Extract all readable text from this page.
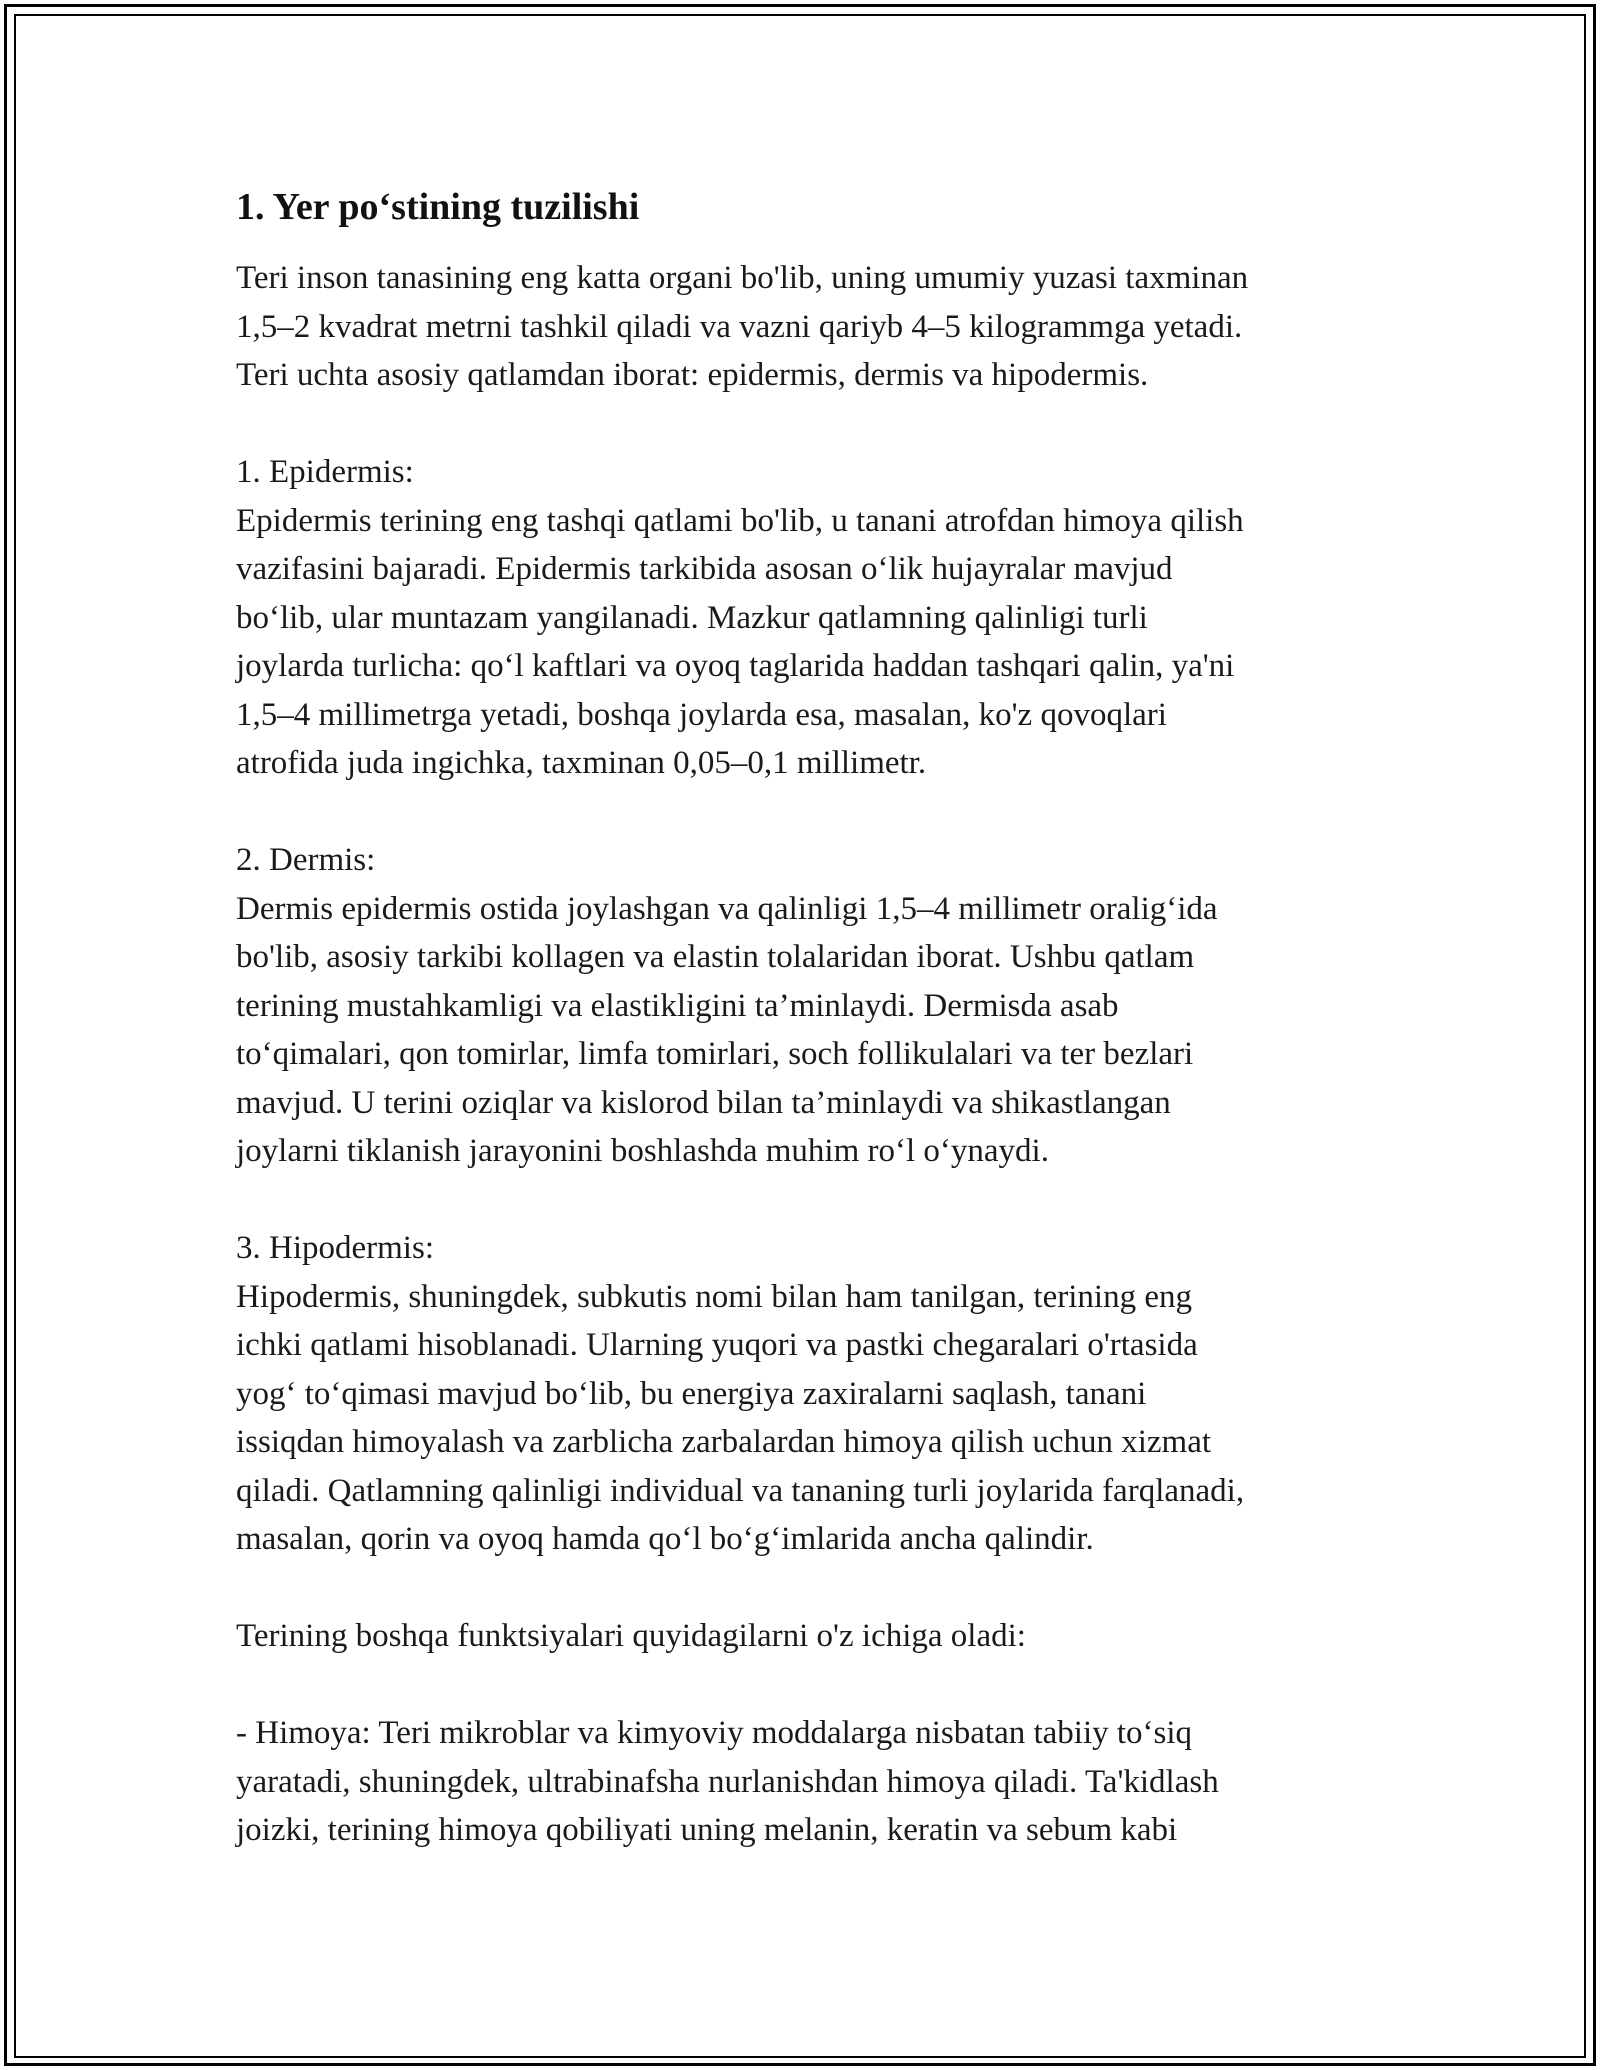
1. Yer po‘stining tuzilishi

Teri inson tanasining eng katta organi bo'lib, uning umumiy yuzasi taxminan
1,5–2 kvadrat metrni tashkil qiladi va vazni qariyb 4–5 kilogrammga yetadi.
Teri uchta asosiy qatlamdan iborat: epidermis, dermis va hipodermis.

1. Epidermis:
Epidermis terining eng tashqi qatlami bo'lib, u tanani atrofdan himoya qilish
vazifasini bajaradi. Epidermis tarkibida asosan o‘lik hujayralar mavjud
bo‘lib, ular muntazam yangilanadi. Mazkur qatlamning qalinligi turli
joylarda turlicha: qo‘l kaftlari va oyoq taglarida haddan tashqari qalin, ya'ni
1,5–4 millimetrga yetadi, boshqa joylarda esa, masalan, ko'z qovoqlari
atrofida juda ingichka, taxminan 0,05–0,1 millimetr.
2. Dermis:
Dermis epidermis ostida joylashgan va qalinligi 1,5–4 millimetr oralig‘ida
bo'lib, asosiy tarkibi kollagen va elastin tolalaridan iborat. Ushbu qatlam
terining mustahkamligi va elastikligini ta’minlaydi. Dermisda asab
to‘qimalari, qon tomirlar, limfa tomirlari, soch follikulalari va ter bezlari
mavjud. U terini oziqlar va kislorod bilan ta’minlaydi va shikastlangan
joylarni tiklanish jarayonini boshlashda muhim ro‘l o‘ynaydi.
3. Hipodermis:
Hipodermis, shuningdek, subkutis nomi bilan ham tanilgan, terining eng
ichki qatlami hisoblanadi. Ularning yuqori va pastki chegaralari o'rtasida
yog‘ to‘qimasi mavjud bo‘lib, bu energiya zaxiralarni saqlash, tanani
issiqdan himoyalash va zarblicha zarbalardan himoya qilish uchun xizmat
qiladi. Qatlamning qalinligi individual va tananing turli joylarida farqlanadi,
masalan, qorin va oyoq hamda qo‘l bo‘g‘imlarida ancha qalindir.
Terining boshqa funktsiyalari quyidagilarni o'z ichiga oladi:
- Himoya: Teri mikroblar va kimyoviy moddalarga nisbatan tabiiy to‘siq
yaratadi, shuningdek, ultrabinafsha nurlanishdan himoya qiladi. Ta'kidlash
joizki, terining himoya qobiliyati uning melanin, keratin va sebum kabi
